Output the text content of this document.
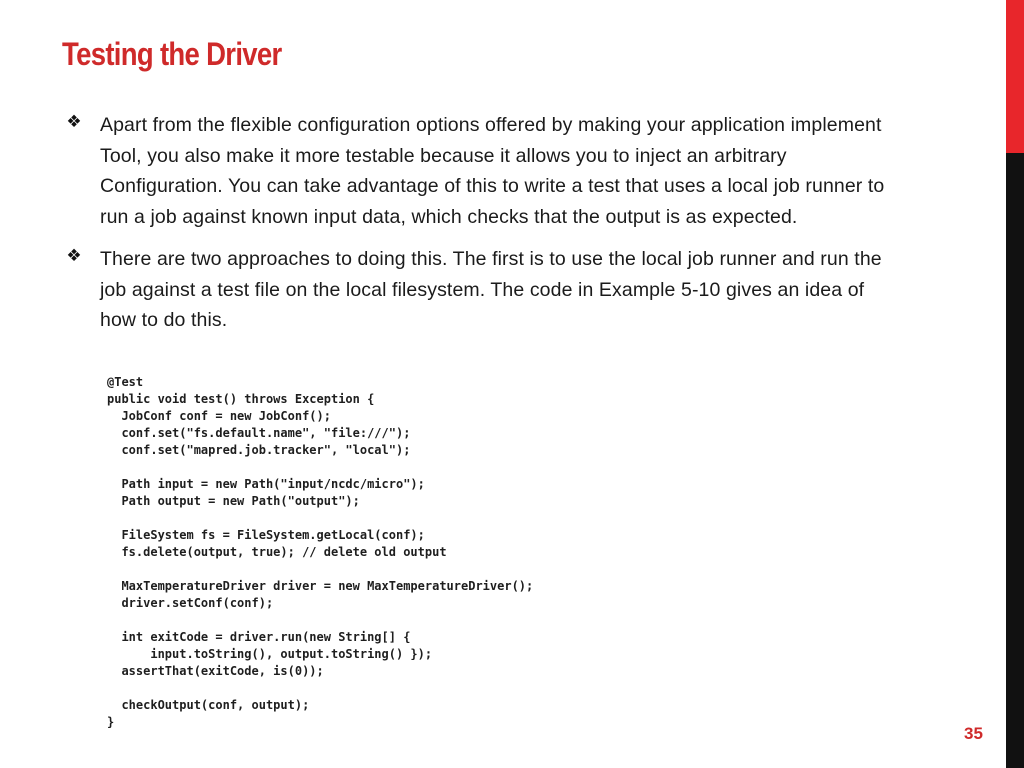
Testing the Driver
❖ Apart from the flexible configuration options offered by making your application implement Tool, you also make it more testable because it allows you to inject an arbitrary Configuration. You can take advantage of this to write a test that uses a local job runner to run a job against known input data, which checks that the output is as expected.
❖ There are two approaches to doing this. The first is to use the local job runner and run the job against a test file on the local filesystem. The code in Example 5-10 gives an idea of how to do this.
@Test
public void test() throws Exception {
JobConf conf = new JobConf();
conf.set("fs.default.name", "file:///");
conf.set("mapred.job.tracker", "local");

Path input = new Path("input/ncdc/micro");
Path output = new Path("output");

FileSystem fs = FileSystem.getLocal(conf);
fs.delete(output, true); // delete old output

MaxTemperatureDriver driver = new MaxTemperatureDriver();
driver.setConf(conf);

int exitCode = driver.run(new String[] {
input.toString(), output.toString() });
assertThat(exitCode, is(0));

checkOutput(conf, output);
}
35
